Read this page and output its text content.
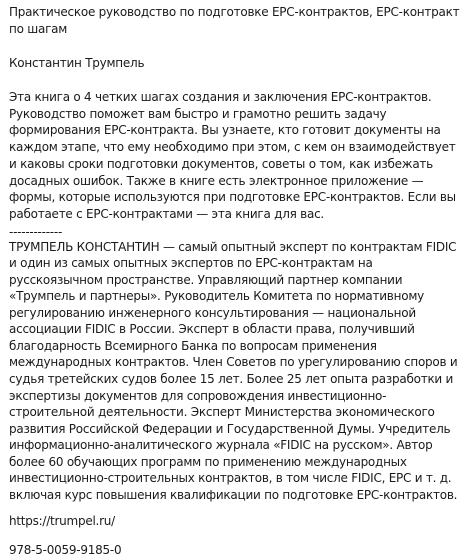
Практическое руководство по подготовке EPC-контрактов, EPC-контракт по шагам

Константин Трумпель

Эта книга о 4 четких шагах создания и заключения EPC-контрактов. Руководство поможет вам быстро и грамотно решить задачу формирования EPC-контракта. Вы узнаете, кто готовит документы на каждом этапе, что ему необходимо при этом, с кем он взаимодействует и каковы сроки подготовки документов, советы о том, как избежать досадных ошибок. Также в книге есть электронное приложение — формы, которые используются при подготовке EPC-контрактов. Если вы работаете с EPC-контрактами — эта книга для вас.

-------------

ТРУМПЕЛЬ КОНСТАНТИН — самый опытный эксперт по контрактам FIDIC и один из самых опытных экспертов по EPC-контрактам на русскоязычном пространстве. Управляющий партнер компании «Трумпель и партнеры». Руководитель Комитета по нормативному регулированию инженерного консультирования — национальной ассоциации FIDIC в России. Эксперт в области права, получивший благодарность Всемирного Банка по вопросам применения международных контрактов. Член Советов по урегулированию споров и судья третейских судов более 15 лет. Более 25 лет опыта разработки и экспертизы документов для сопровождения инвестиционно-строительной деятельности. Эксперт Министерства экономического развития Российской Федерации и Государственной Думы. Учредитель информационно-аналитического журнала «FIDIC на русском». Автор более 60 обучающих программ по применению международных инвестиционно-строительных контрактов, в том числе FIDIC, EPC и т. д. включая курс повышения квалификации по подготовке EPC-контрактов.

https://trumpel.ru/

978-5-0059-9185-0
